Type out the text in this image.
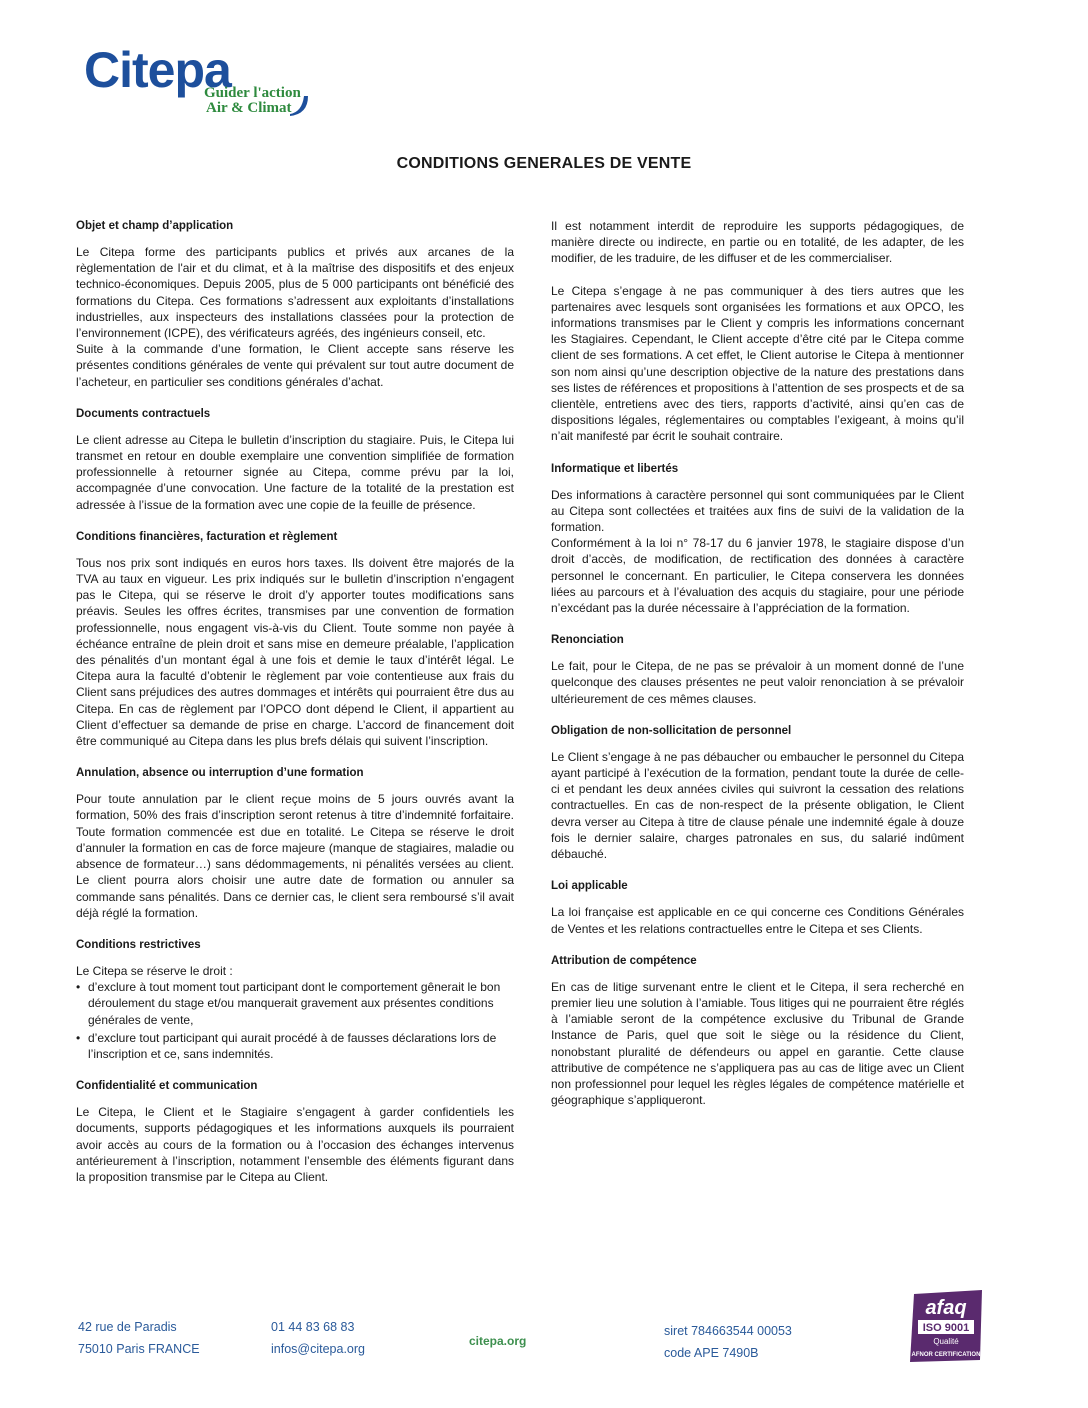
Citepa
Guider l'action
Air & Climat
CONDITIONS GENERALES DE VENTE
Objet et champ d’application

Le Citepa forme des participants publics et privés aux arcanes de la règlementation de l'air et du climat, et à la maîtrise des dispositifs et des enjeux technico-économiques. Depuis 2005, plus de 5 000 participants ont bénéficié des formations du Citepa. Ces formations s’adressent aux exploitants d’installations industrielles, aux inspecteurs des installations classées pour la protection de l’environnement (ICPE), des vérificateurs agréés, des ingénieurs conseil, etc.

Suite à la commande d’une formation, le Client accepte sans réserve les présentes conditions générales de vente qui prévalent sur tout autre document de l’acheteur, en particulier ses conditions générales d’achat.

Documents contractuels

Le client adresse au Citepa le bulletin d’inscription du stagiaire. Puis, le Citepa lui transmet en retour en double exemplaire une convention simplifiée de formation professionnelle à retourner signée au Citepa, comme prévu par la loi, accompagnée d’une convocation. Une facture de la totalité de la prestation est adressée à l’issue de la formation avec une copie de la feuille de présence.

Conditions financières, facturation et règlement

Tous nos prix sont indiqués en euros hors taxes. Ils doivent être majorés de la TVA au taux en vigueur. Les prix indiqués sur le bulletin d’inscription n’engagent pas le Citepa, qui se réserve le droit d’y apporter toutes modifications sans préavis. Seules les offres écrites, transmises par une convention de formation professionnelle, nous engagent vis-à-vis du Client. Toute somme non payée à échéance entraîne de plein droit et sans mise en demeure préalable, l’application des pénalités d’un montant égal à une fois et demie le taux d’intérêt légal. Le Citepa aura la faculté d’obtenir le règlement par voie contentieuse aux frais du Client sans préjudices des autres dommages et intérêts qui pourraient être dus au Citepa. En cas de règlement par l’OPCO dont dépend le Client, il appartient au Client d’effectuer sa demande de prise en charge. L’accord de financement doit être communiqué au Citepa dans les plus brefs délais qui suivent l’inscription.

Annulation, absence ou interruption d’une formation

Pour toute annulation par le client reçue moins de 5 jours ouvrés avant la formation, 50% des frais d’inscription seront retenus à titre d’indemnité forfaitaire. Toute formation commencée est due en totalité. Le Citepa se réserve le droit d’annuler la formation en cas de force majeure (manque de stagiaires, maladie ou absence de formateur…) sans dédommagements, ni pénalités versées au client. Le client pourra alors choisir une autre date de formation ou annuler sa commande sans pénalités. Dans ce dernier cas, le client sera remboursé s’il avait déjà réglé la formation.

Conditions restrictives

Le Citepa se réserve le droit :

• d’exclure à tout moment tout participant dont le comportement gênerait le bon déroulement du stage et/ou manquerait gravement aux présentes conditions générales de vente,
• d’exclure tout participant qui aurait procédé à de fausses déclarations lors de l’inscription et ce, sans indemnités.
Confidentialité et communication

Le Citepa, le Client et le Stagiaire s’engagent à garder confidentiels les documents, supports pédagogiques et les informations auxquels ils pourraient avoir accès au cours de la formation ou à l’occasion des échanges intervenus antérieurement à l’inscription, notamment l’ensemble des éléments figurant dans la proposition transmise par le Citepa au Client.

Il est notamment interdit de reproduire les supports pédagogiques, de manière directe ou indirecte, en partie ou en totalité, de les adapter, de les modifier, de les traduire, de les diffuser et de les commercialiser.

Le Citepa s’engage à ne pas communiquer à des tiers autres que les partenaires avec lesquels sont organisées les formations et aux OPCO, les informations transmises par le Client y compris les informations concernant les Stagiaires. Cependant, le Client accepte d’être cité par le Citepa comme client de ses formations. A cet effet, le Client autorise le Citepa à mentionner son nom ainsi qu’une description objective de la nature des prestations dans ses listes de références et propositions à l’attention de ses prospects et de sa clientèle, entretiens avec des tiers, rapports d’activité, ainsi qu’en cas de dispositions légales, réglementaires ou comptables l’exigeant, à moins qu’il n’ait manifesté par écrit le souhait contraire.

Informatique et libertés

Des informations à caractère personnel qui sont communiquées par le Client au Citepa sont collectées et traitées aux fins de suivi de la validation de la formation.

Conformément à la loi n° 78-17 du 6 janvier 1978, le stagiaire dispose d’un droit d’accès, de modification, de rectification des données à caractère personnel le concernant. En particulier, le Citepa conservera les données liées au parcours et à l’évaluation des acquis du stagiaire, pour une période n’excédant pas la durée nécessaire à l’appréciation de la formation.

Renonciation

Le fait, pour le Citepa, de ne pas se prévaloir à un moment donné de l’une quelconque des clauses présentes ne peut valoir renonciation à se prévaloir ultérieurement de ces mêmes clauses.

Obligation de non-sollicitation de personnel

Le Client s’engage à ne pas débaucher ou embaucher le personnel du Citepa ayant participé à l’exécution de la formation, pendant toute la durée de celle-ci et pendant les deux années civiles qui suivront la cessation des relations contractuelles. En cas de non-respect de la présente obligation, le Client devra verser au Citepa à titre de clause pénale une indemnité égale à douze fois le dernier salaire, charges patronales en sus, du salarié indûment débauché.

Loi applicable

La loi française est applicable en ce qui concerne ces Conditions Générales de Ventes et les relations contractuelles entre le Citepa et ses Clients.

Attribution de compétence

En cas de litige survenant entre le client et le Citepa, il sera recherché en premier lieu une solution à l’amiable. Tous litiges qui ne pourraient être réglés à l’amiable seront de la compétence exclusive du Tribunal de Grande Instance de Paris, quel que soit le siège ou la résidence du Client, nonobstant pluralité de défendeurs ou appel en garantie. Cette clause attributive de compétence ne s’appliquera pas au cas de litige avec un Client non professionnel pour lequel les règles légales de compétence matérielle et géographique s’appliqueront.

42 rue de Paradis
75010 Paris FRANCE
01 44 83 68 83
infos@citepa.org
citepa.org
siret 784663544 00053
code APE 7490B
afaq
ISO 9001
Qualité
AFNOR CERTIFICATION
